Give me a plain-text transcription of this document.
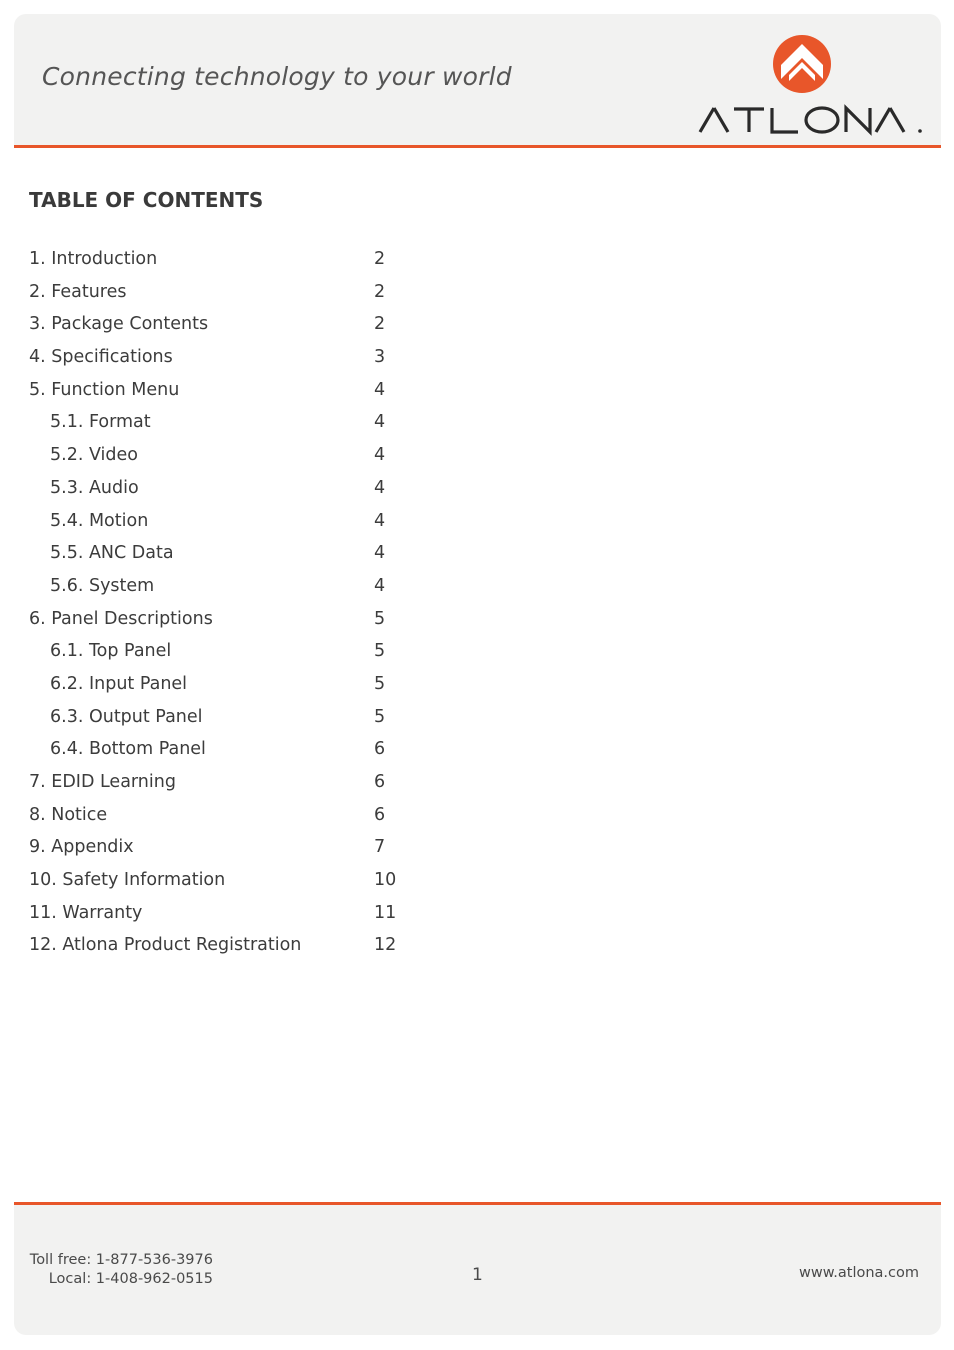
Connecting technology to your world
TABLE OF CONTENTS
1. Introduction	2
2. Features	2
3. Package Contents	2
4. Specifications	3
5. Function Menu	4
5.1. Format	4
5.2. Video	4
5.3. Audio	4
5.4. Motion	4
5.5. ANC Data	4
5.6. System	4
6. Panel Descriptions	5
6.1. Top Panel	5
6.2. Input Panel	5
6.3. Output Panel	5
6.4. Bottom Panel	6
7. EDID Learning	6
8. Notice	6
9. Appendix	7
10. Safety Information	10
11. Warranty	11
12. Atlona Product Registration	12
Toll free: 1-877-536-3976
Local: 1-408-962-0515	1	www.atlona.com
